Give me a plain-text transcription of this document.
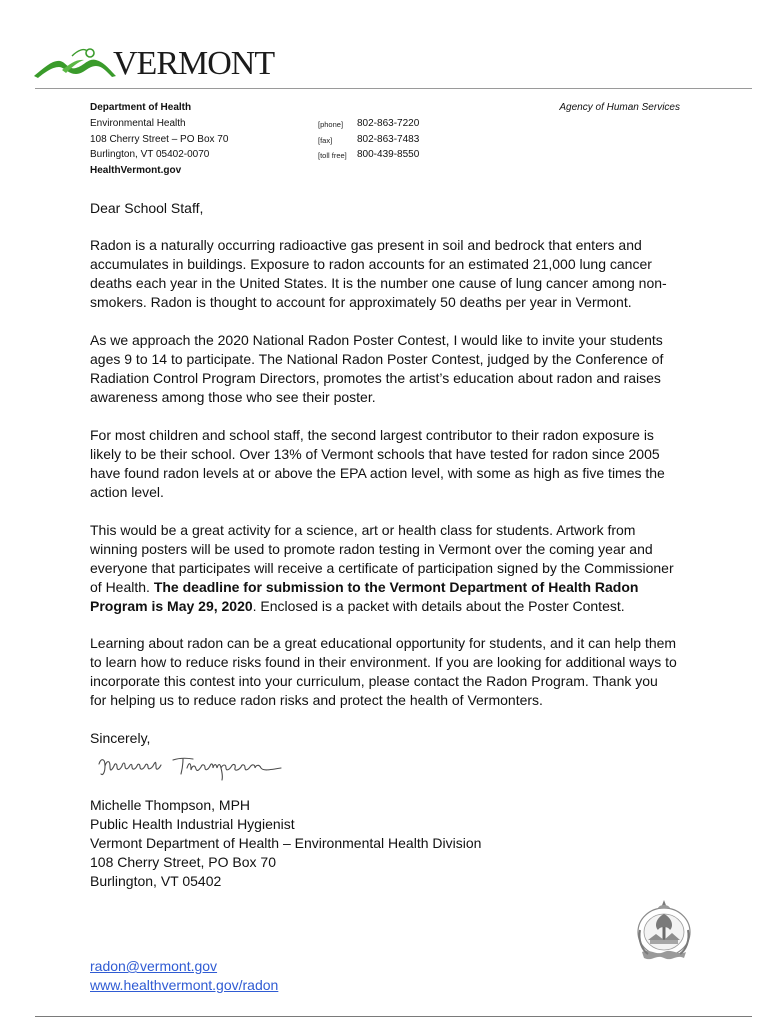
VERMONT
Department of Health
Environmental Health
108 Cherry Street – PO Box 70
Burlington, VT 05402-0070
HealthVermont.gov
[phone] 802-863-7220
[fax] 802-863-7483
[toll free] 800-439-8550
Agency of Human Services
Dear School Staff,

Radon is a naturally occurring radioactive gas present in soil and bedrock that enters and accumulates in buildings. Exposure to radon accounts for an estimated 21,000 lung cancer deaths each year in the United States. It is the number one cause of lung cancer among non-smokers. Radon is thought to account for approximately 50 deaths per year in Vermont.

As we approach the 2020 National Radon Poster Contest, I would like to invite your students ages 9 to 14 to participate. The National Radon Poster Contest, judged by the Conference of Radiation Control Program Directors, promotes the artist’s education about radon and raises awareness among those who see their poster.

For most children and school staff, the second largest contributor to their radon exposure is likely to be their school. Over 13% of Vermont schools that have tested for radon since 2005 have found radon levels at or above the EPA action level, with some as high as five times the action level.

This would be a great activity for a science, art or health class for students. Artwork from winning posters will be used to promote radon testing in Vermont over the coming year and everyone that participates will receive a certificate of participation signed by the Commissioner of Health. The deadline for submission to the Vermont Department of Health Radon Program is May 29, 2020. Enclosed is a packet with details about the Poster Contest.

Learning about radon can be a great educational opportunity for students, and it can help them to learn how to reduce risks found in their environment. If you are looking for additional ways to incorporate this contest into your curriculum, please contact the Radon Program. Thank you for helping us to reduce radon risks and protect the health of Vermonters.

Sincerely,
Michelle Thompson, MPH
Public Health Industrial Hygienist
Vermont Department of Health – Environmental Health Division
108 Cherry Street, PO Box 70
Burlington, VT 05402
radon@vermont.gov
www.healthvermont.gov/radon
